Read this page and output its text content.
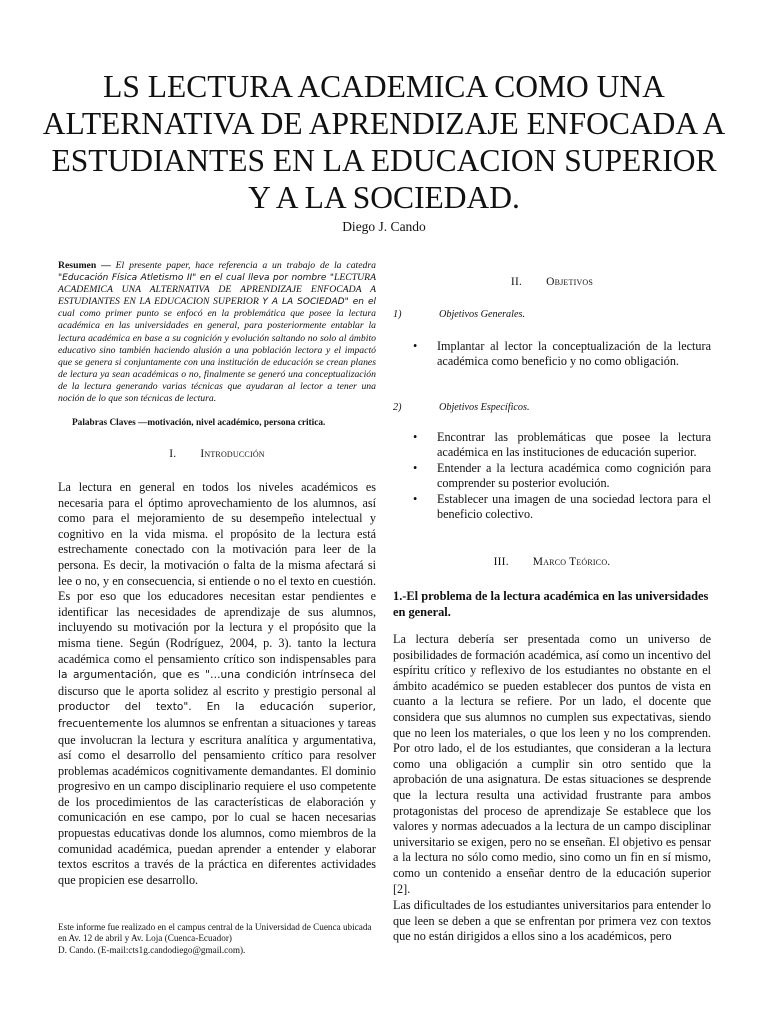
LS LECTURA ACADEMICA COMO UNA ALTERNATIVA DE APRENDIZAJE ENFOCADA A ESTUDIANTES EN LA EDUCACION SUPERIOR Y A LA SOCIEDAD.
Diego J. Cando

Resumen — El presente paper, hace referencia a un trabajo de la catedra "Educación Física Atletismo II" en el cual lleva por nombre "LECTURA ACADEMICA UNA ALTERNATIVA DE APRENDIZAJE ENFOCADA A ESTUDIANTES EN LA EDUCACION SUPERIOR Y A LA SOCIEDAD" en el cual como primer punto se enfocó en la problemática que posee la lectura académica en las universidades en general, para posteriormente entablar la lectura académica en base a su cognición y evolución saltando no solo al ámbito educativo sino también haciendo alusión a una población lectora y el impactó que se genera si conjuntamente con una institución de educación se crean planes de lectura ya sean académicas o no, finalmente se generó una conceptualización de la lectura generando varias técnicas que ayudaran al lector a tener una noción de lo que son técnicas de lectura.

Palabras Claves —motivación, nivel académico, persona critica.
I. Introducción

La lectura en general en todos los niveles académicos es necesaria para el óptimo aprovechamiento de los alumnos, así como para el mejoramiento de su desempeño intelectual y cognitivo en la vida misma. el propósito de la lectura está estrechamente conectado con la motivación para leer de la persona. Es decir, la motivación o falta de la misma afectará si lee o no, y en consecuencia, si entiende o no el texto en cuestión. Es por eso que los educadores necesitan estar pendientes e identificar las necesidades de aprendizaje de sus alumnos, incluyendo su motivación por la lectura y el propósito que la misma tiene. Según (Rodríguez, 2004, p. 3). tanto la lectura académica como el pensamiento crítico son indispensables para la argumentación, que es "…una condición intrínseca del discurso que le aporta solidez al escrito y prestigio personal al productor del texto". En la educación superior, frecuentemente los alumnos se enfrentan a situaciones y tareas que involucran la lectura y escritura analítica y argumentativa, así como el desarrollo del pensamiento crítico para resolver problemas académicos cognitivamente demandantes. El dominio progresivo en un campo disciplinario requiere el uso competente de los procedimientos de las características de elaboración y comunicación en ese campo, por lo cual se hacen necesarias propuestas educativas donde los alumnos, como miembros de la comunidad académica, puedan aprender a entender y elaborar textos escritos a través de la práctica en diferentes actividades que propicien ese desarrollo.

Este informe fue realizado en el campus central de la Universidad de Cuenca ubicada en Av. 12 de abril y Av. Loja (Cuenca-Ecuador)
D. Cando. (E-mail:cts1g.candodiego@gmail.com).
II. Objetivos
1)	Objetivos Generales.
• Implantar al lector la conceptualización de la lectura académica como beneficio y no como obligación.
2)	Objetivos Específicos.
• Encontrar las problemáticas que posee la lectura académica en las instituciones de educación superior.
• Entender a la lectura académica como cognición para comprender su posterior evolución.
• Establecer una imagen de una sociedad lectora para el beneficio colectivo.
III. Marco Teórico.
1.-El problema de la lectura académica en las universidades en general.

La lectura debería ser presentada como un universo de posibilidades de formación académica, así como un incentivo del espíritu crítico y reflexivo de los estudiantes no obstante en el ámbito académico se pueden establecer dos puntos de vista en cuanto a la lectura se refiere. Por un lado, el docente que considera que sus alumnos no cumplen sus expectativas, siendo que no leen los materiales, o que los leen y no los comprenden. Por otro lado, el de los estudiantes, que consideran a la lectura como una obligación a cumplir sin otro sentido que la aprobación de una asignatura. De estas situaciones se desprende que la lectura resulta una actividad frustrante para ambos protagonistas del proceso de aprendizaje Se establece que los valores y normas adecuados a la lectura de un campo disciplinar universitario se exigen, pero no se enseñan. El objetivo es pensar a la lectura no sólo como medio, sino como un fin en sí mismo, como un contenido a enseñar dentro de la educación superior [2].

Las dificultades de los estudiantes universitarios para entender lo que leen se deben a que se enfrentan por primera vez con textos que no están dirigidos a ellos sino a los académicos, pero
